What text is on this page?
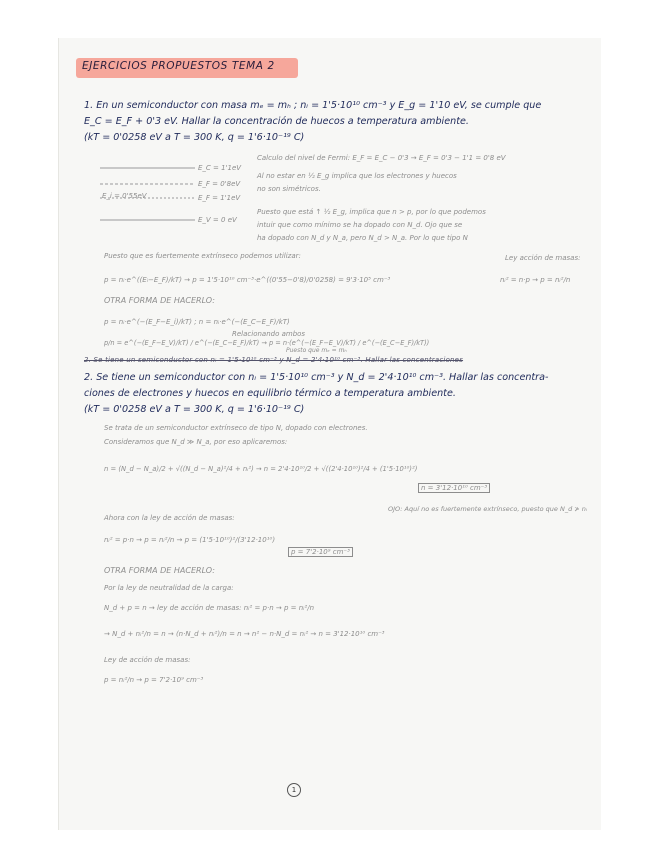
EJERCICIOS PROPUESTOS TEMA 2
1. En un semiconductor con masa mₑ = mₕ ; nᵢ = 1'5·10¹⁰ cm⁻³ y E_g = 1'10 eV, se cumple que
E_C = E_F + 0'3 eV. Hallar la concentración de huecos a temperatura ambiente.
(kT = 0'0258 eV a T = 300 K, q = 1'6·10⁻¹⁹ C)
E_C = 1'1eV
E_F = 0'8eV
E_i = 0'55eV	E_F = 1'1eV
E_V = 0 eV
Calculo del nivel de Fermi: E_F = E_C − 0'3 → E_F = 0'3 − 1'1 = 0'8 eV
Al no estar en ½ E_g implica que los electrones y huecos
no son simétricos.
Puesto que está ↑ ½ E_g, implica que n > p, por lo que podemos
intuir que como mínimo se ha dopado con N_d. Ojo que se
ha dopado con N_d y N_a, pero N_d > N_a. Por lo que tipo N
Puesto que es fuertemente extrínseco podemos utilizar:	Ley acción de masas:
p = nᵢ·e^((Eᵢ−E_F)/kT) → p = 1'5·10¹⁰ cm⁻³·e^((0'55−0'8)/0'0258) = 9'3·10⁵ cm⁻³	nᵢ² = n·p → p = nᵢ²/n
OTRA FORMA DE HACERLO:
p = nᵢ·e^(−(E_F−E_i)/kT) ; n = nᵢ·e^(−(E_C−E_F)/kT)
Relacionando ambos
p/n = e^(−(E_F−E_V)/kT) / e^(−(E_C−E_F)/kT) → p = n·(e^(−(E_F−E_V)/kT) / e^(−(E_C−E_F)/kT))
Puesto que mₑ = mₕ
2. Se tiene un semiconductor con nᵢ = 1'5·10¹⁰ cm⁻³ y N_d = 2'4·10¹⁰ cm⁻³. Hallar las concentraciones
2. Se tiene un semiconductor con nᵢ = 1'5·10¹⁰ cm⁻³ y N_d = 2'4·10¹⁰ cm⁻³. Hallar las concentra-
ciones de electrones y huecos en equilibrio térmico a temperatura ambiente.
(kT = 0'0258 eV a T = 300 K, q = 1'6·10⁻¹⁹ C)
Se trata de un semiconductor extrínseco de tipo N, dopado con electrones.
Consideramos que N_d ≫ N_a, por eso aplicaremos:
n = (N_d − N_a)/2 + √((N_d − N_a)²/4 + nᵢ²) → n = 2'4·10¹⁰/2 + √((2'4·10¹⁰)²/4 + (1'5·10¹⁰)²)
n = 3'12·10¹⁰ cm⁻³
OJO: Aquí no es fuertemente extrínseco, puesto que N_d ≯ nᵢ
Ahora con la ley de acción de masas:
nᵢ² = p·n → p = nᵢ²/n → p = (1'5·10¹⁰)²/(3'12·10¹⁰)
p = 7'2·10⁹ cm⁻³
OTRA FORMA DE HACERLO:
Por la ley de neutralidad de la carga:
N_d + p = n → ley de acción de masas: nᵢ² = p·n → p = nᵢ²/n
→ N_d + nᵢ²/n = n → (n·N_d + nᵢ²)/n = n → n² − n·N_d = nᵢ² → n = 3'12·10¹⁰ cm⁻³
Ley de acción de masas:
p = nᵢ²/n → p = 7'2·10⁹ cm⁻³
1
